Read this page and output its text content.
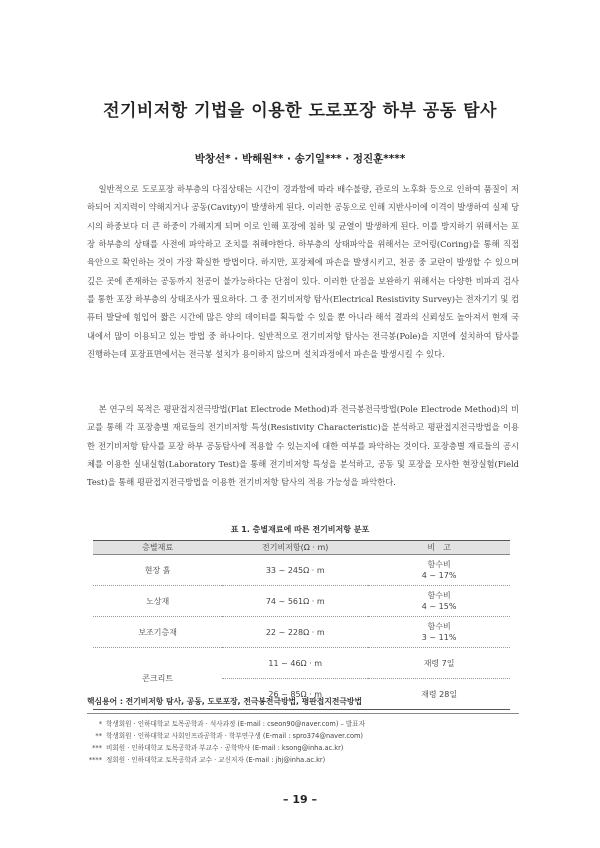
전기비저항 기법을 이용한 도로포장 하부 공동 탐사
박창선* · 박해원** · 송기일*** · 정진훈****

일반적으로 도로포장 하부층의 다짐상태는 시간이 경과함에 따라 배수불량, 관로의 노후화 등으로 인하여 품질이 저하되어 지지력이 약해지거나 공동(Cavity)이 발생하게 된다. 이러한 공동으로 인해 지반사이에 이격이 발생하여 실제 당시의 하중보다 더 큰 하중이 가해지게 되며 이로 인해 포장에 침하 및 균열이 발생하게 된다. 이를 방지하기 위해서는 포장 하부층의 상태를 사전에 파악하고 조치를 취해야한다. 하부층의 상태파악을 위해서는 코어링(Coring)을 통해 직접 육안으로 확인하는 것이 가장 확실한 방법이다. 하지만, 포장체에 파손을 발생시키고, 천공 중 교란이 발생할 수 있으며 깊은 곳에 존재하는 공동까지 천공이 불가능하다는 단점이 있다. 이러한 단점을 보완하기 위해서는 다양한 비파괴 검사를 통한 포장 하부층의 상태조사가 필요하다. 그 중 전기비저항 탐사(Electrical Resistivity Survey)는 전자기기 및 컴퓨터 발달에 힘입어 짧은 시간에 많은 양의 데이터를 획득할 수 있을 뿐 아니라 해석 결과의 신뢰성도 높아져서 현재 국내에서 많이 이용되고 있는 방법 중 하나이다. 일반적으로 전기비저항 탐사는 전극봉(Pole)을 지면에 설치하여 탐사를 진행하는데 포장표면에서는 전극봉 설치가 용이하지 않으며 설치과정에서 파손을 발생시킬 수 있다.

본 연구의 목적은 평판접지전극방법(Flat Electrode Method)과 전극봉전극방법(Pole Electrode Method)의 비교를 통해 각 포장층별 재료들의 전기비저항 특성(Resistivity Characteristic)을 분석하고 평판접지전극방법을 이용한 전기비저항 탐사를 포장 하부 공동탐사에 적용할 수 있는지에 대한 여부를 파악하는 것이다. 포장층별 재료들의 공시체를 이용한 실내실험(Laboratory Test)을 통해 전기비저항 특성을 분석하고, 공동 및 포장을 모사한 현장실험(Field Test)을 통해 평판접지전극방법을 이용한 전기비저항 탐사의 적용 가능성을 파악한다.

표 1. 층별재료에 따른 전기비저항 분포
층별재료	전기비저항(Ω · m)	비　고
현장 흙	33 ~ 245Ω · m	함수비
4 ~ 17%

노상재	74 ~ 561Ω · m	함수비
4 ~ 15%

보조기층재	22 ~ 228Ω · m	함수비
3 ~ 11%

콘크리트	11 ~ 46Ω · m	재령 7일
	26 ~ 85Ω · m	재령 28일
핵심용어 : 전기비저항 탐사, 공동, 도로포장, 전극봉전극방법, 평판접지전극방법
* 학생회원 · 인하대학교 토목공학과 · 석사과정 (E-mail : cseon90@naver.com) – 발표자
** 학생회원 · 인하대학교 사회인프라공학과 · 학부연구생 (E-mail : spro374@naver.com)
*** 비회원 · 인하대학교 토목공학과 부교수 · 공학박사 (E-mail : ksong@inha.ac.kr)
**** 정회원 · 인하대학교 토목공학과 교수 · 교신저자 (E-mail : jhj@inha.ac.kr)
– 19 –
